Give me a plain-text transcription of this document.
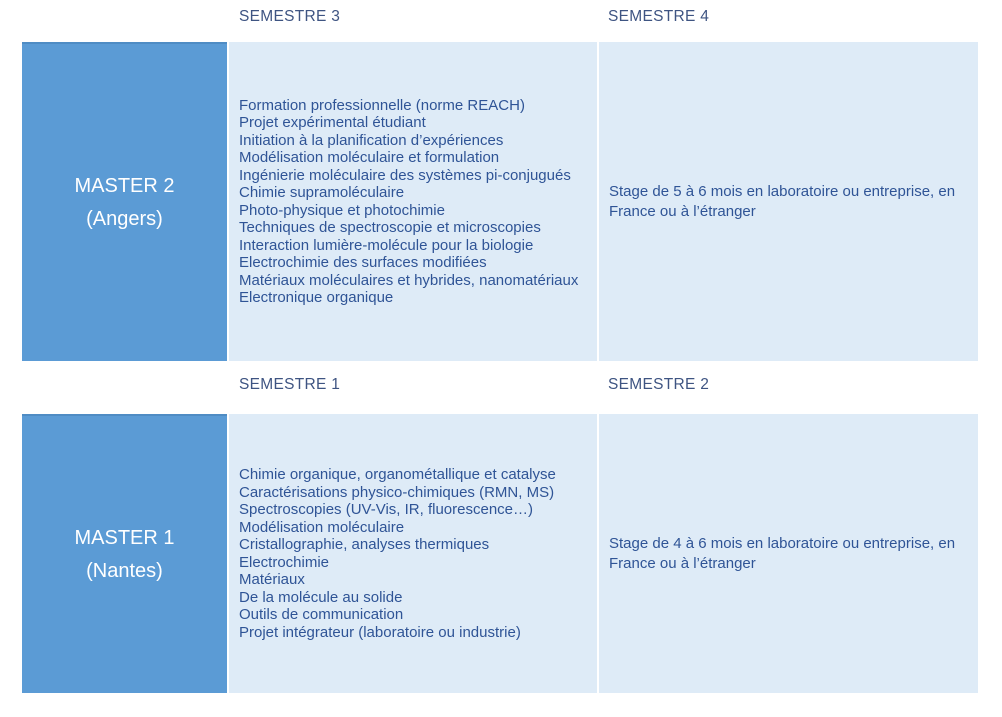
SEMESTRE 3	SEMESTRE 4
MASTER 2
(Angers)
Formation professionnelle (norme REACH)
Projet expérimental étudiant
Initiation à la planification d’expériences
Modélisation moléculaire et formulation
Ingénierie moléculaire des systèmes pi-conjugués
Chimie supramoléculaire
Photo-physique et photochimie
Techniques de spectroscopie et microscopies
Interaction lumière-molécule pour la biologie
Electrochimie des surfaces modifiées
Matériaux moléculaires et hybrides, nanomatériaux
Electronique organique
Stage de 5 à 6 mois en laboratoire ou entreprise, en France ou à l’étranger
SEMESTRE 1	SEMESTRE 2
MASTER 1
(Nantes)
Chimie organique, organométallique et catalyse
Caractérisations physico-chimiques (RMN, MS)
Spectroscopies (UV-Vis, IR, fluorescence…)
Modélisation moléculaire
Cristallographie, analyses thermiques
Electrochimie
Matériaux
De la molécule au solide
Outils de communication
Projet intégrateur (laboratoire ou industrie)
Stage de 4 à 6 mois en laboratoire ou entreprise, en France ou à l’étranger
